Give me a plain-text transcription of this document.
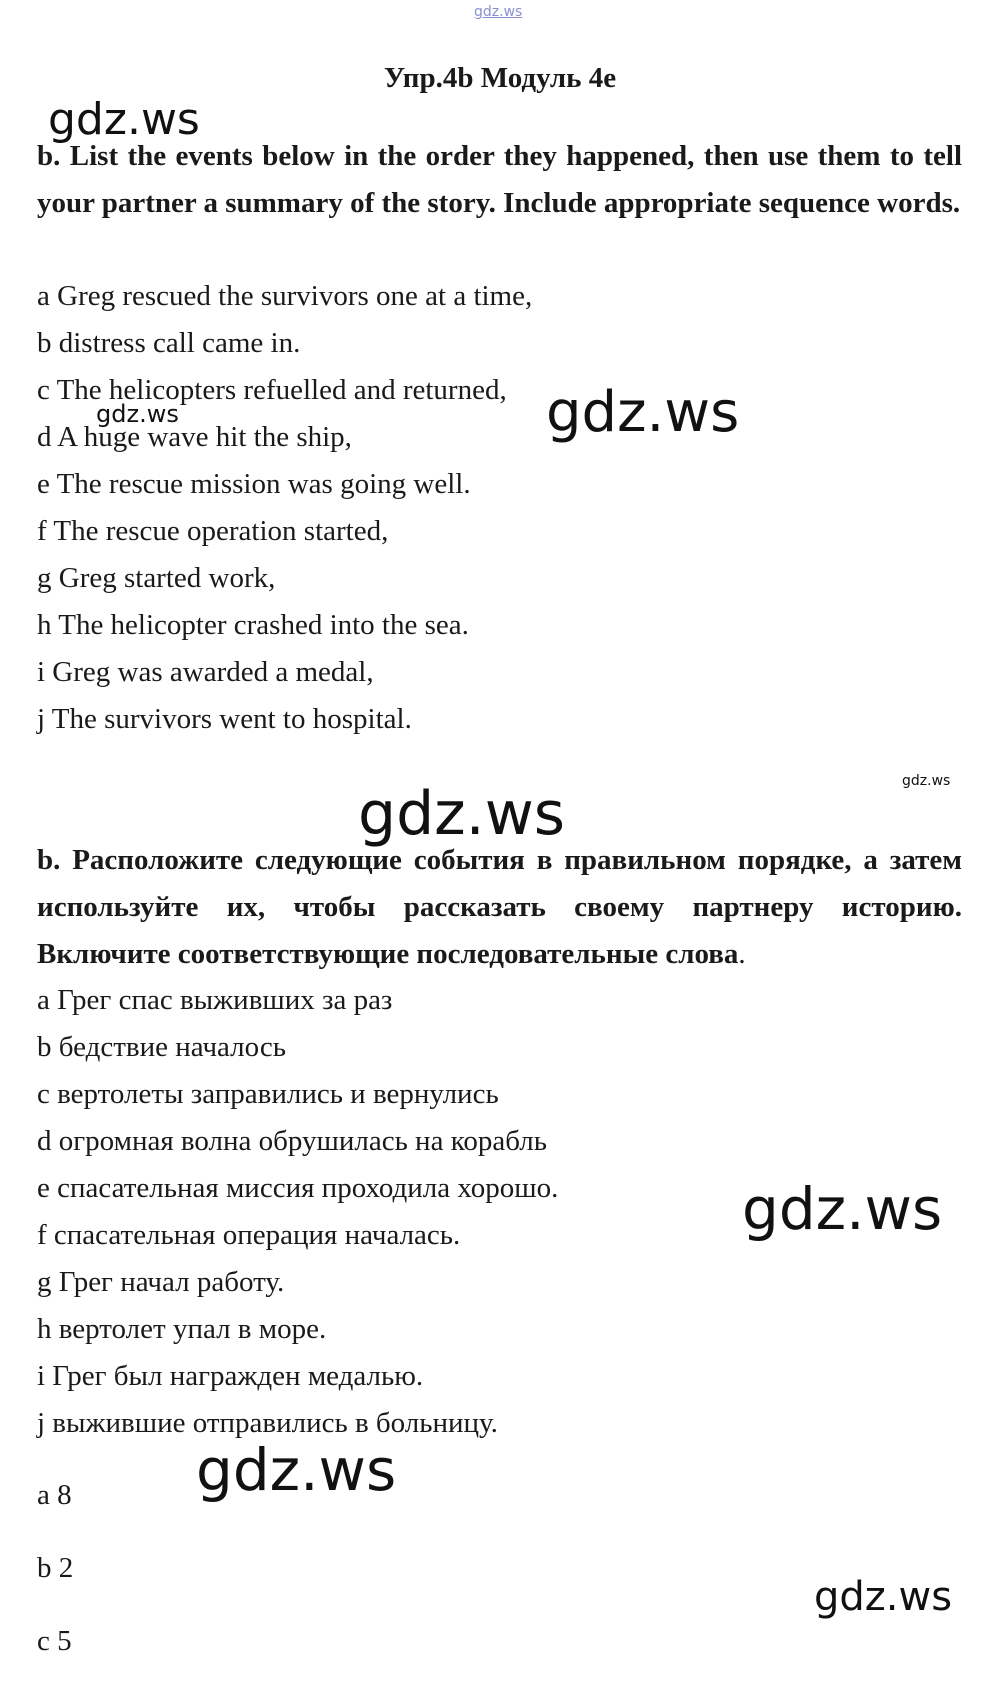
Упр.4b Модуль 4е
b. List the events below in the order they happened, then use them to tell your partner a summary of the story. Include appropriate sequence words.
a Greg rescued the survivors one at a time,
b distress call came in.
c The helicopters refuelled and returned,
d A huge wave hit the ship,
e The rescue mission was going well.
f The rescue operation started,
g Greg started work,
h The helicopter crashed into the sea.
i Greg was awarded a medal,
j The survivors went to hospital.
b. Расположите следующие события в правильном порядке, а затем используйте их, чтобы рассказать своему партнеру историю. Включите соответствующие последовательные слова.
а Грег спас выживших за раз
b бедствие началось
с вертолеты заправились и вернулись
d огромная волна обрушилась на корабль
е спасательная миссия проходила хорошо.
f спасательная операция началась.
g Грег начал работу.
h вертолет упал в море.
i Грег был награжден медалью.
j выжившие отправились в больницу.
a 8
b 2
c 5
gdz.ws
gdz.ws
gdz.ws
gdz.ws
gdz.ws	gdz.ws
gdz.ws
gdz.ws
gdz.ws
